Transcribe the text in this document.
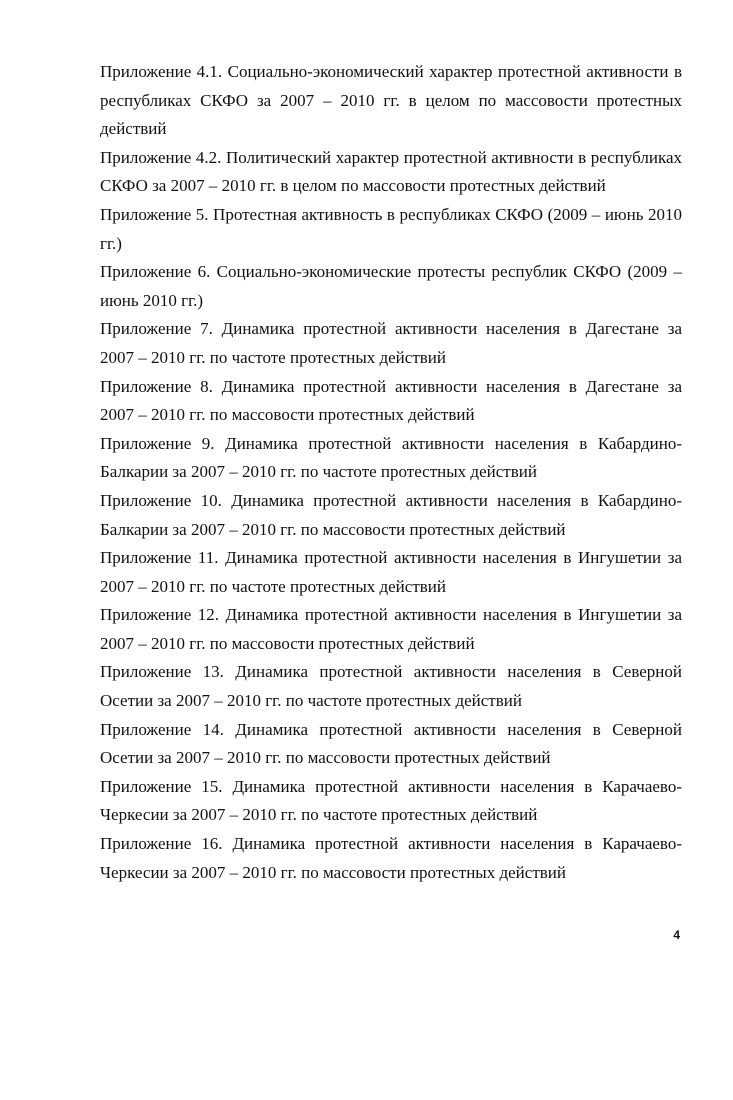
Приложение 4.1. Социально-экономический характер протестной активности в республиках СКФО за 2007 – 2010 гг. в целом по массовости протестных действий
Приложение 4.2. Политический характер протестной активности в республиках СКФО за 2007 – 2010 гг. в целом по массовости протестных действий
Приложение 5. Протестная активность в республиках СКФО (2009 – июнь 2010 гг.)
Приложение 6. Социально-экономические протесты республик СКФО (2009 – июнь 2010 гг.)
Приложение 7. Динамика протестной активности населения в Дагестане за 2007 – 2010 гг. по частоте протестных действий
Приложение 8. Динамика протестной активности населения в Дагестане за 2007 – 2010 гг. по массовости протестных действий
Приложение 9. Динамика протестной активности населения в Кабардино-Балкарии за 2007 – 2010 гг. по частоте протестных действий
Приложение 10. Динамика протестной активности населения в Кабардино-Балкарии за 2007 – 2010 гг. по массовости протестных действий
Приложение 11. Динамика протестной активности населения в Ингушетии за 2007 – 2010 гг. по частоте протестных действий
Приложение 12. Динамика протестной активности населения в Ингушетии за 2007 – 2010 гг. по массовости протестных действий
Приложение 13. Динамика протестной активности населения в Северной Осетии за 2007 – 2010 гг. по частоте протестных действий
Приложение 14. Динамика протестной активности населения в Северной Осетии за 2007 – 2010 гг. по массовости протестных действий
Приложение 15. Динамика протестной активности населения в Карачаево-Черкесии за 2007 – 2010 гг. по частоте протестных действий
Приложение 16. Динамика протестной активности населения в Карачаево-Черкесии за 2007 – 2010 гг. по массовости протестных действий
4
